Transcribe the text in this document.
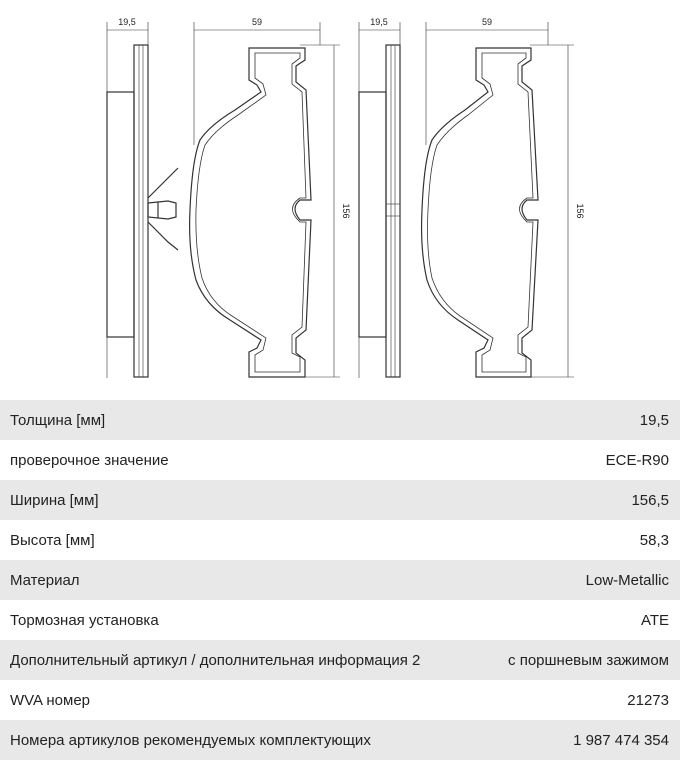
19,5	59
156
19,5	59
156
Толщина [мм]	19,5
проверочное значение	ECE-R90
Ширина [мм]	156,5
Высота [мм]	58,3
Материал	Low-Metallic
Тормозная установка	ATE
Дополнительный артикул / дополнительная информация 2	с поршневым зажимом
WVA номер	21273
Номера артикулов рекомендуемых комплектующих	1 987 474 354
